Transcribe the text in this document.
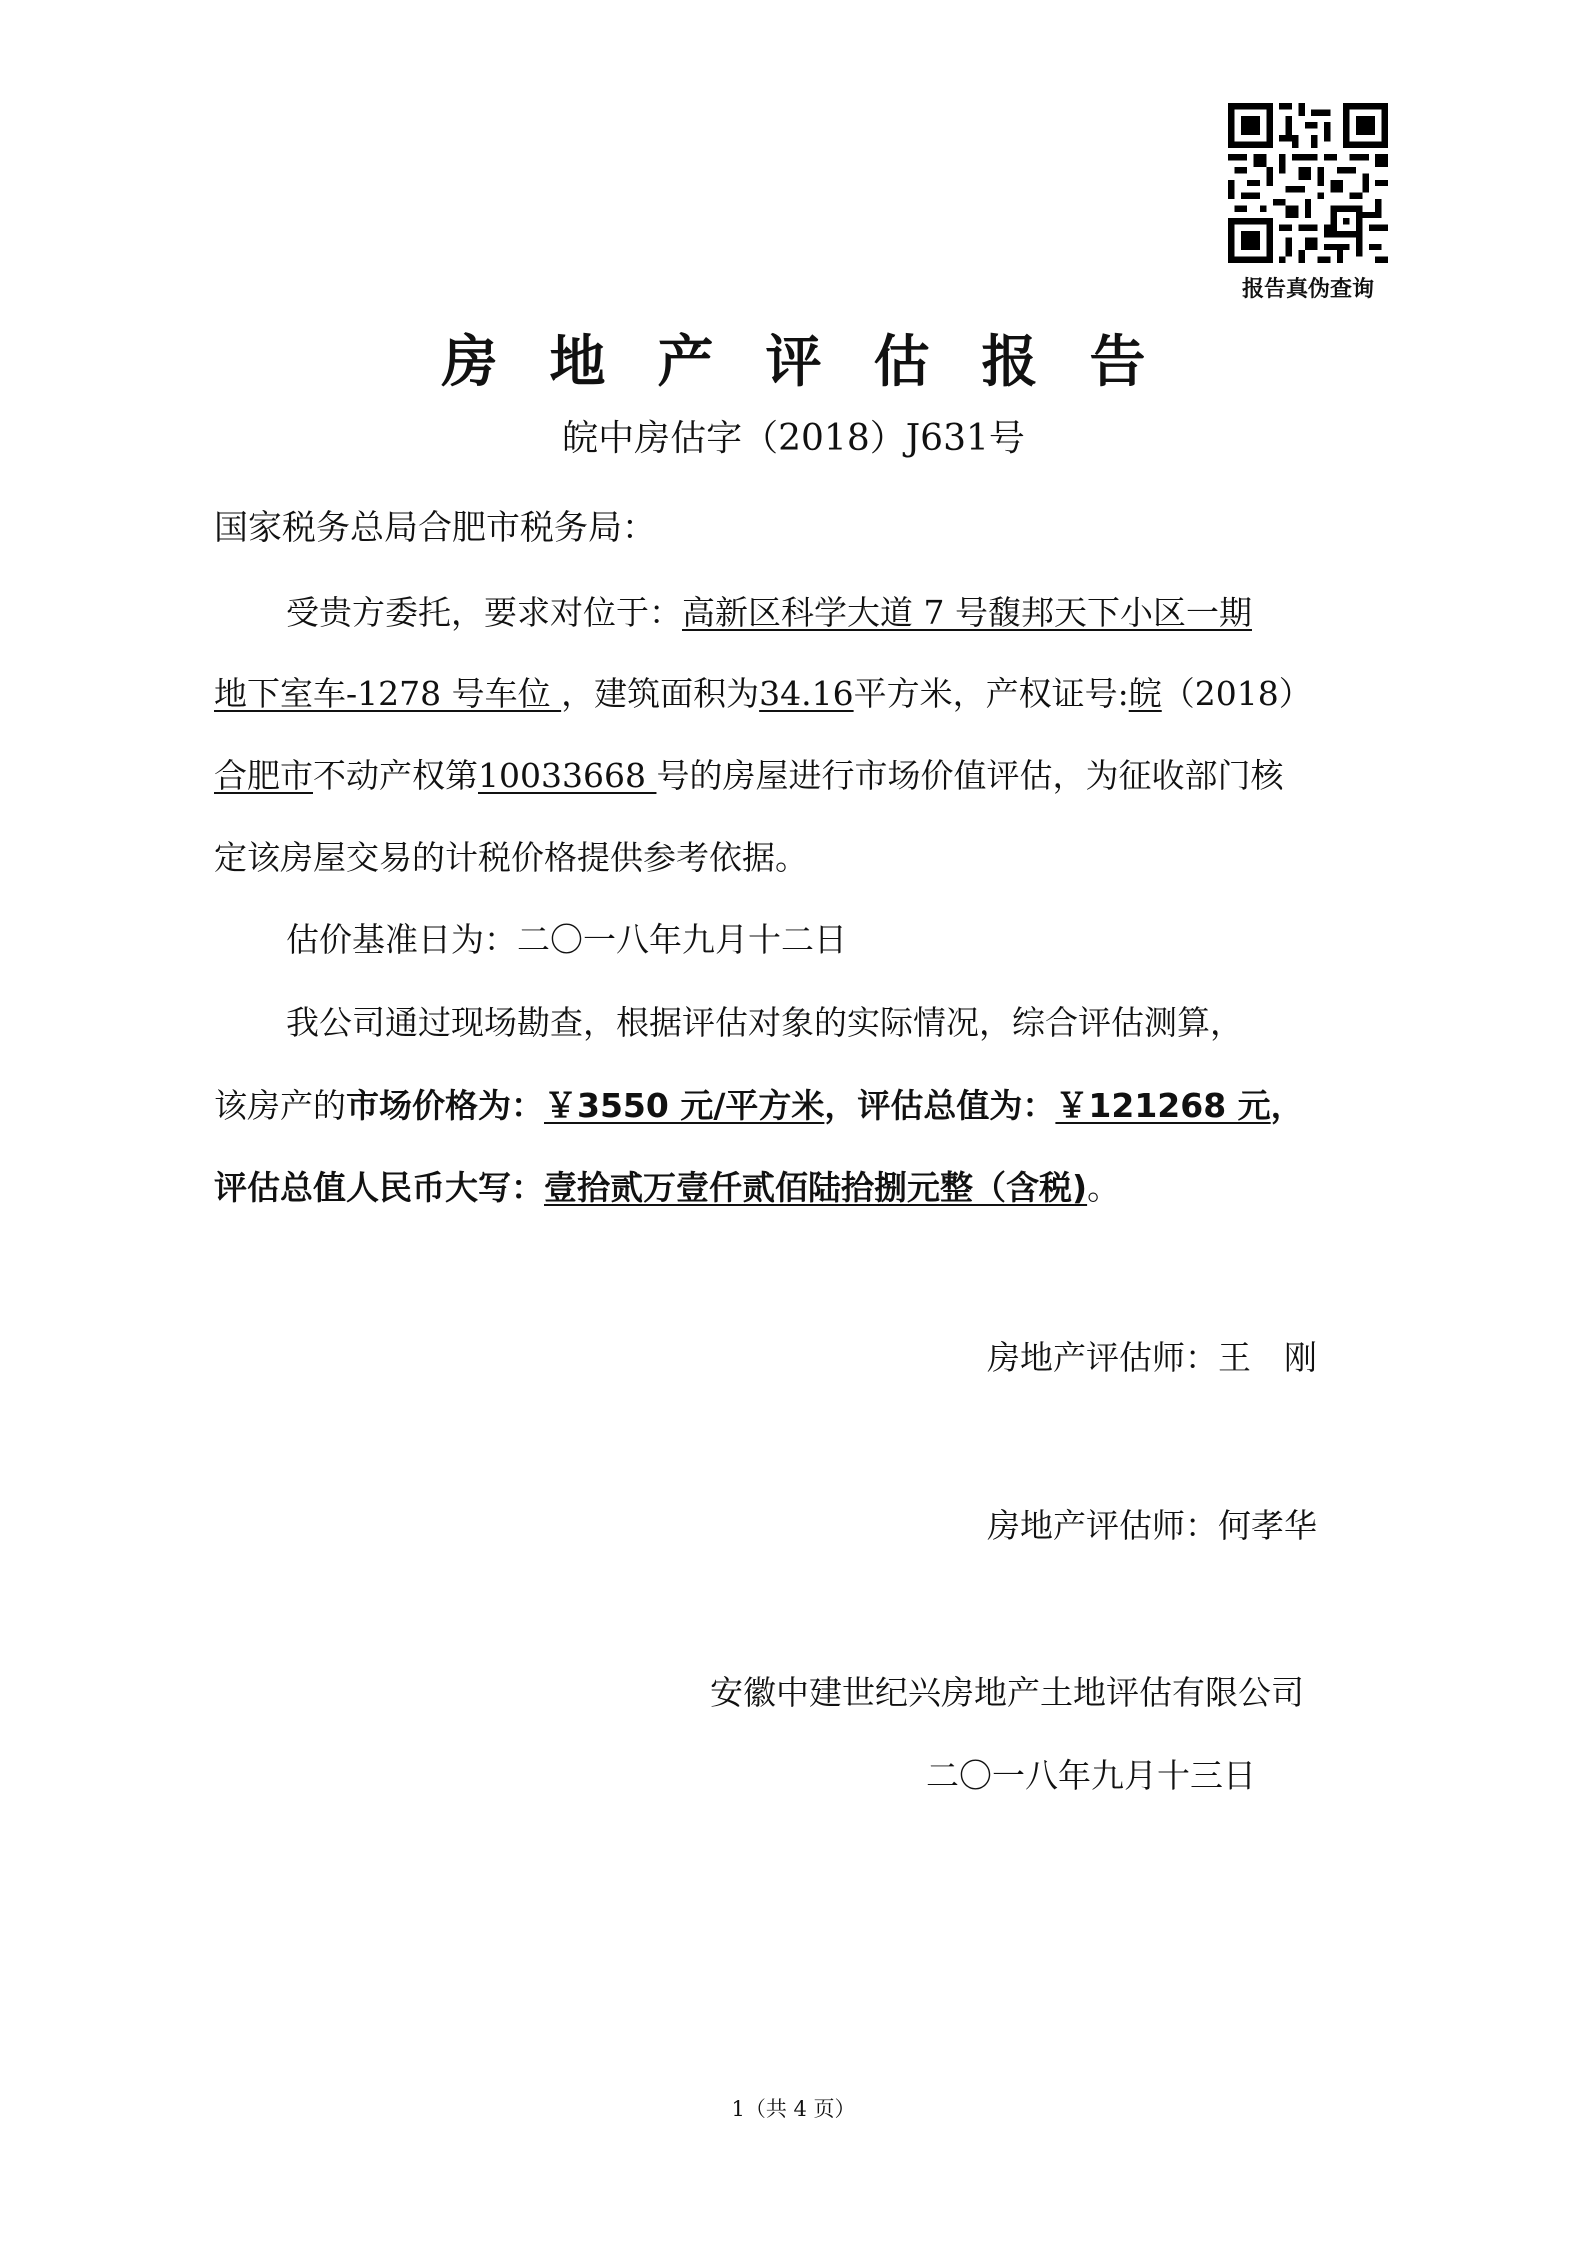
报告真伪查询
房地产评估报告
皖中房估字（2018）J631号
国家税务总局合肥市税务局：
受贵方委托，要求对位于：高新区科学大道 7 号馥邦天下小区一期
地下室车-1278 号车位 ，建筑面积为34.16平方米，产权证号:皖（2018）
合肥市不动产权第10033668 号的房屋进行市场价值评估，为征收部门核
定该房屋交易的计税价格提供参考依据。
估价基准日为：二〇一八年九月十二日
我公司通过现场勘查，根据评估对象的实际情况，综合评估测算，
该房产的市场价格为：￥3550 元/平方米，评估总值为：￥121268 元，
评估总值人民币大写：壹拾贰万壹仟贰佰陆拾捌元整（含税)。
房地产评估师：王　刚
房地产评估师：何孝华
安徽中建世纪兴房地产土地评估有限公司
二〇一八年九月十三日
1（共 4 页）
